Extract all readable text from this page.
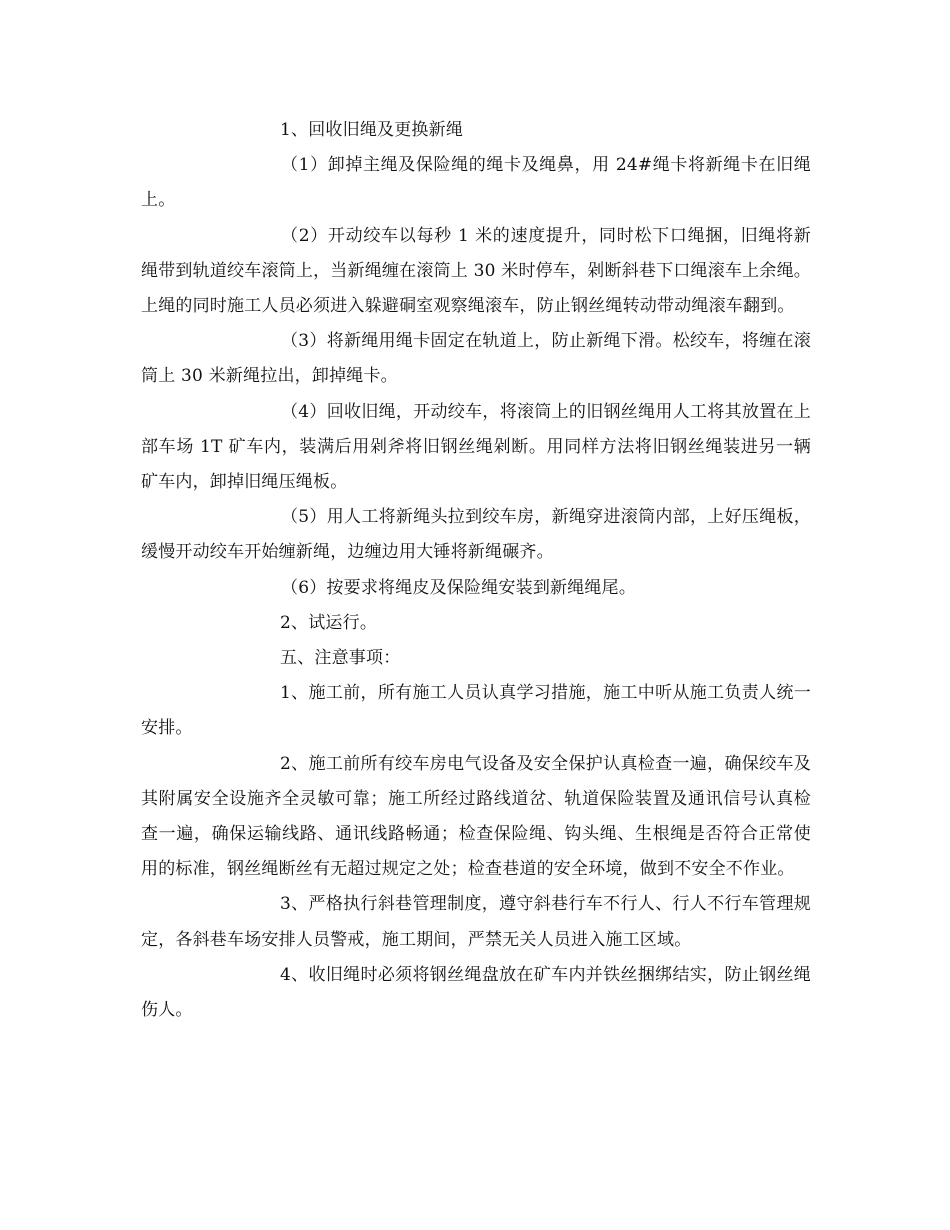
1、回收旧绳及更换新绳

（1）卸掉主绳及保险绳的绳卡及绳鼻，用 24#绳卡将新绳卡在旧绳上。

（2）开动绞车以每秒 1 米的速度提升，同时松下口绳捆，旧绳将新绳带到轨道绞车滚筒上，当新绳缠在滚筒上 30 米时停车，剁断斜巷下口绳滚车上余绳。上绳的同时施工人员必须进入躲避硐室观察绳滚车，防止钢丝绳转动带动绳滚车翻到。

（3）将新绳用绳卡固定在轨道上，防止新绳下滑。松绞车，将缠在滚筒上 30 米新绳拉出，卸掉绳卡。

（4）回收旧绳，开动绞车，将滚筒上的旧钢丝绳用人工将其放置在上部车场 1T 矿车内，装满后用剁斧将旧钢丝绳剁断。用同样方法将旧钢丝绳装进另一辆矿车内，卸掉旧绳压绳板。

（5）用人工将新绳头拉到绞车房，新绳穿进滚筒内部，上好压绳板，缓慢开动绞车开始缠新绳，边缠边用大锤将新绳碾齐。

（6）按要求将绳皮及保险绳安装到新绳绳尾。

2、试运行。

五、注意事项：

1、施工前，所有施工人员认真学习措施，施工中听从施工负责人统一安排。

2、施工前所有绞车房电气设备及安全保护认真检查一遍，确保绞车及其附属安全设施齐全灵敏可靠；施工所经过路线道岔、轨道保险装置及通讯信号认真检查一遍，确保运输线路、通讯线路畅通；检查保险绳、钩头绳、生根绳是否符合正常使用的标准，钢丝绳断丝有无超过规定之处；检查巷道的安全环境，做到不安全不作业。

3、严格执行斜巷管理制度，遵守斜巷行车不行人、行人不行车管理规定，各斜巷车场安排人员警戒，施工期间，严禁无关人员进入施工区域。

4、收旧绳时必须将钢丝绳盘放在矿车内并铁丝捆绑结实，防止钢丝绳伤人。
